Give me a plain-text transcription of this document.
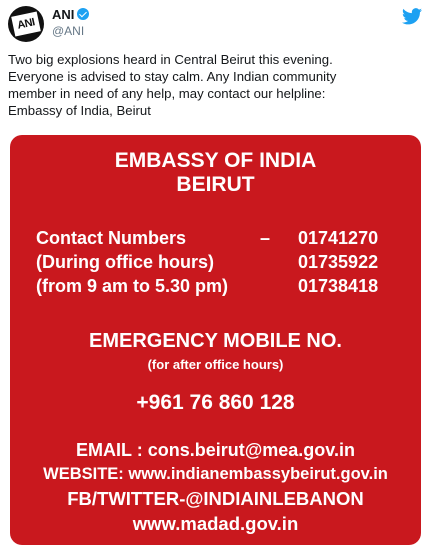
ANI
ANI
@ANI
Two big explosions heard in Central Beirut this evening.
Everyone is advised to stay calm. Any Indian community
member in need of any help, may contact our helpline:
Embassy of India, Beirut
EMBASSY OF INDIA
BEIRUT
Contact Numbers
(During office hours)
(from 9 am to 5.30 pm)
– 01741270
01735922
01738418
EMERGENCY MOBILE NO.
(for after office hours)
+961 76 860 128
EMAIL : cons.beirut@mea.gov.in
WEBSITE: www.indianembassybeirut.gov.in
FB/TWITTER-@INDIAINLEBANON
www.madad.gov.in
